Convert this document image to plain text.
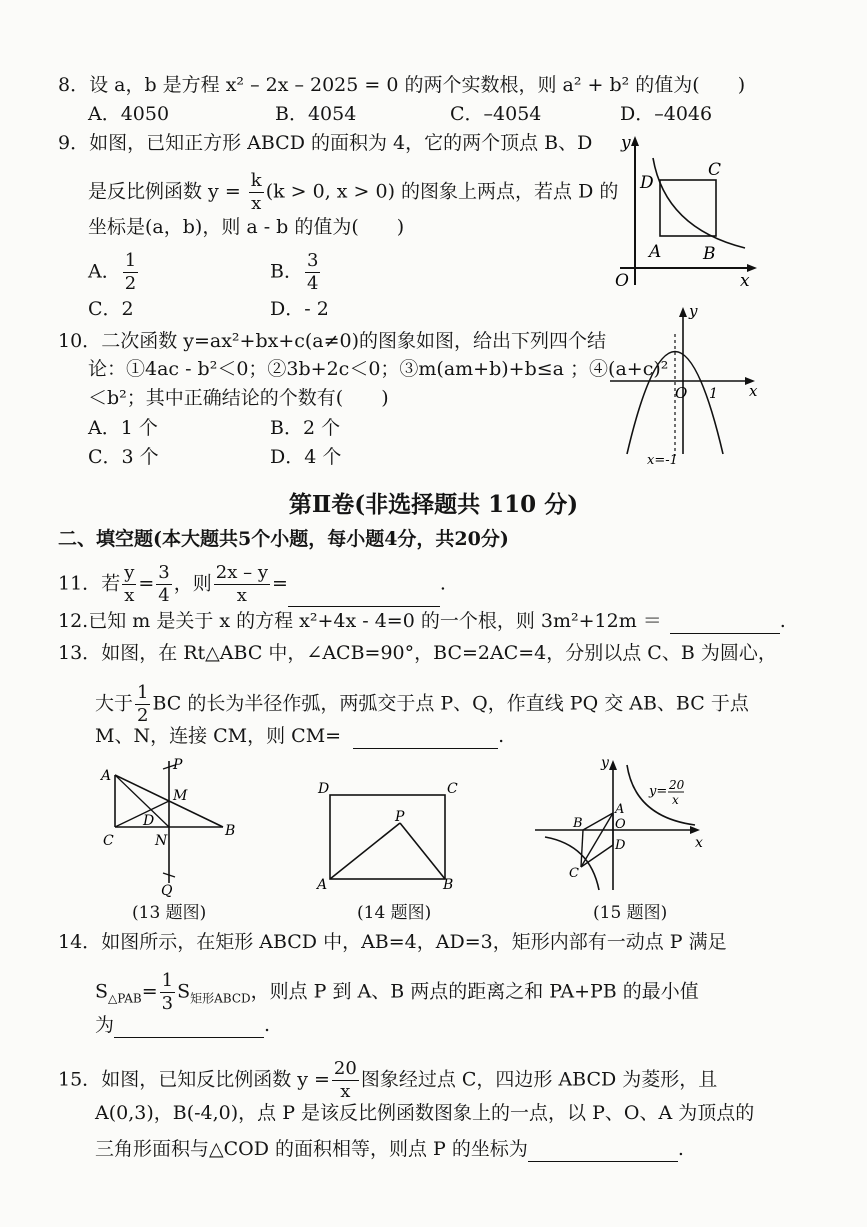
8．设 a，b 是方程 x² – 2x – 2025 = 0 的两个实数根，则 a² + b² 的值为(　　)
A．4050	B．4054	C．–4054	D．–4046
9．如图，已知正方形 ABCD 的面积为 4，它的两个顶点 B、D
是反比例函数 $y = \frac{k}{x} (k > 0$, x > 0) 的图象上两点，若点 D 的
坐标是(a，b)，则 a - b 的值为(　　)
A． $\frac{1}{2}$	B． $\frac{3}{4}$
C．2	D．- 2
y
x
O
A B
C
D
10．二次函数 y=ax²+bx+c(a≠0)的图象如图，给出下列四个结
论：①4ac - b²＜0；②3b+2c＜0；③m(am+b)+b≤a ；④(a+c)²
＜b²；其中正确结论的个数有(　　)
A．1 个	B．2 个
C．3 个	D．4 个
y
x
O 1
x=-1
第Ⅱ卷(非选择题共 110 分)
二、填空题(本大题共5个小题，每小题4分，共20分)
11．若 $\frac{y}{x} = \frac{3}{4}$ ，则 $\frac{2x - y}{x}$ =	.
12.已知 m 是关于 x 的方程 x²+4x - 4=0 的一个根，则 3m²+12m ＝	.
13．如图，在 Rt△ABC 中，∠ACB=90°，BC=2AC=4，分别以点 C、B 为圆心，
大于 $\frac{1}{2}$ BC 的长为半径作弧，两弧交于点 P、Q，作直线 PQ 交 AB、BC 于点
M、N，连接 CM，则 CM=	.
A
B
C
D
M
N
P
Q
(13 题图)
D	C
A	B
P
(14 题图)
y
x
A
B O
D
C
y= 20
x
(15 题图)
14．如图所示，在矩形 ABCD 中，AB=4，AD=3，矩形内部有一动点 P 满足
$S_{\triangle PAB}= \frac{1}{3} S_{矩形ABCD}$，则点 P 到 A、B 两点的距离之和 PA+PB 的最小值
为	.
15．如图，已知反比例函数 $y = \frac{20}{x}$ 图象经过点 C，四边形 ABCD 为菱形，且
A(0,3)，B(-4,0)，点 P 是该反比例函数图象上的一点，以 P、O、A 为顶点的
三角形面积与△COD 的面积相等，则点 P 的坐标为	.
